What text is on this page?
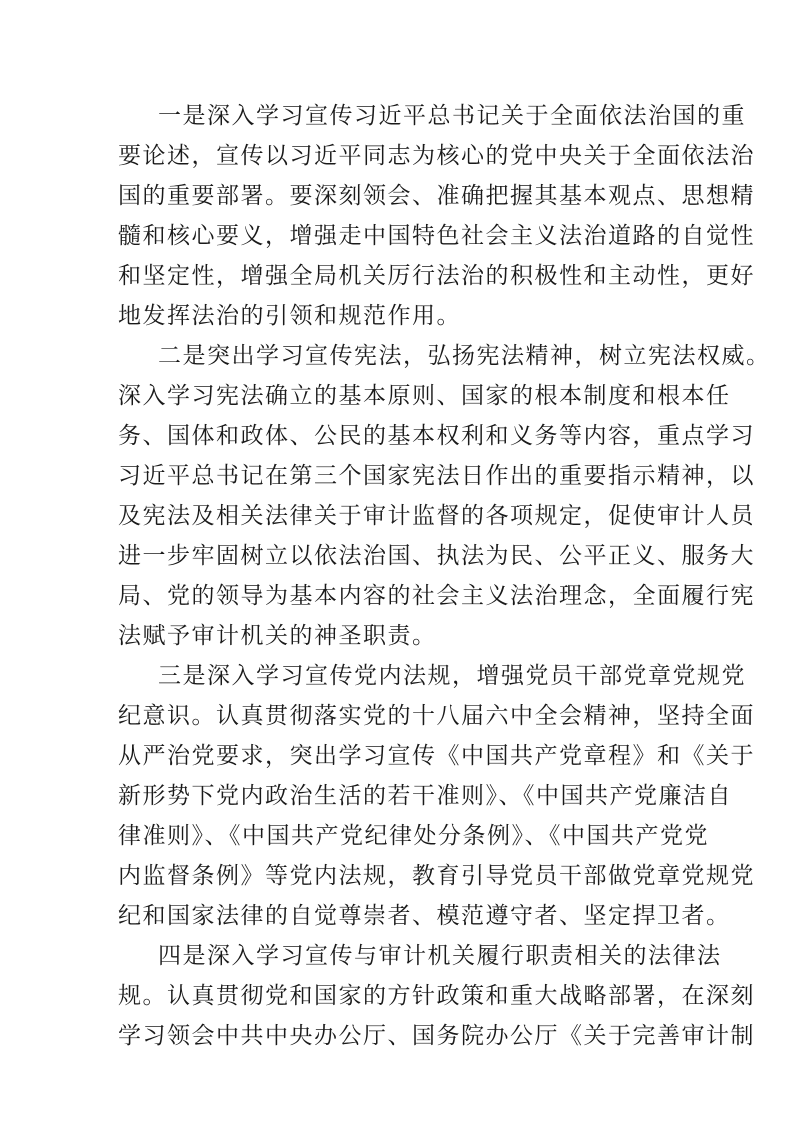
一是深入学习宣传习近平总书记关于全面依法治国的重
要论述，宣传以习近平同志为核心的党中央关于全面依法治
国的重要部署。要深刻领会、准确把握其基本观点、思想精
髓和核心要义，增强走中国特色社会主义法治道路的自觉性
和坚定性，增强全局机关厉行法治的积极性和主动性，更好
地发挥法治的引领和规范作用。
二是突出学习宣传宪法，弘扬宪法精神，树立宪法权威。
深入学习宪法确立的基本原则、国家的根本制度和根本任
务、国体和政体、公民的基本权利和义务等内容，重点学习
习近平总书记在第三个国家宪法日作出的重要指示精神，以
及宪法及相关法律关于审计监督的各项规定，促使审计人员
进一步牢固树立以依法治国、执法为民、公平正义、服务大
局、党的领导为基本内容的社会主义法治理念，全面履行宪
法赋予审计机关的神圣职责。
三是深入学习宣传党内法规，增强党员干部党章党规党
纪意识。认真贯彻落实党的十八届六中全会精神，坚持全面
从严治党要求，突出学习宣传《中国共产党章程》和《关于
新形势下党内政治生活的若干准则》、《中国共产党廉洁自
律准则》、《中国共产党纪律处分条例》、《中国共产党党
内监督条例》等党内法规，教育引导党员干部做党章党规党
纪和国家法律的自觉尊崇者、模范遵守者、坚定捍卫者。
四是深入学习宣传与审计机关履行职责相关的法律法
规。认真贯彻党和国家的方针政策和重大战略部署，在深刻
学习领会中共中央办公厅、国务院办公厅《关于完善审计制
